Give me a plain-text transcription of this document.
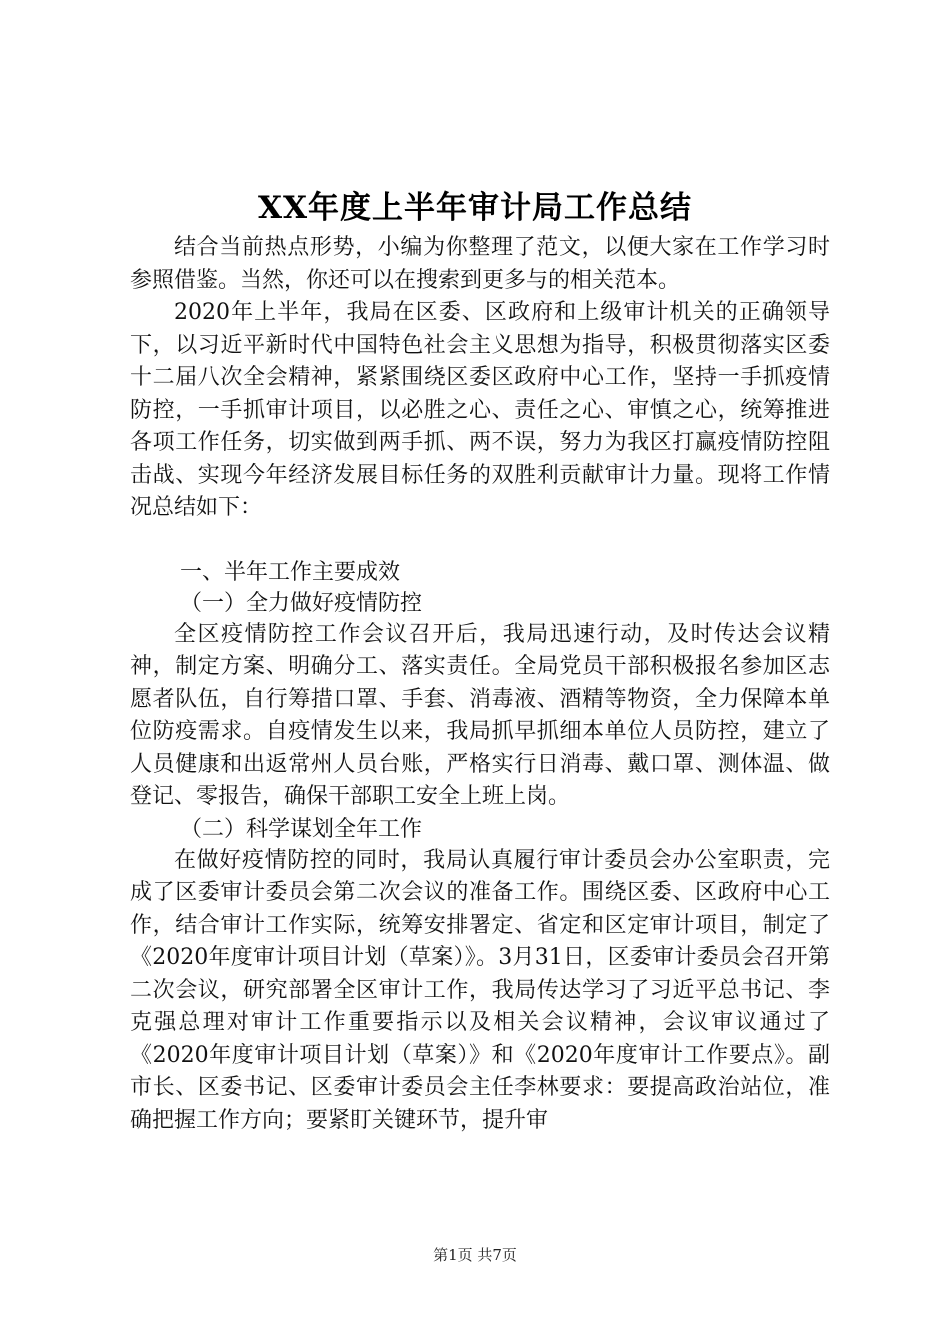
XX年度上半年审计局工作总结

结合当前热点形势，小编为你整理了范文，以便大家在工作学习时参照借鉴。当然，你还可以在搜索到更多与的相关范本。

2020年上半年，我局在区委、区政府和上级审计机关的正确领导下，以习近平新时代中国特色社会主义思想为指导，积极贯彻落实区委十二届八次全会精神，紧紧围绕区委区政府中心工作，坚持一手抓疫情防控，一手抓审计项目，以必胜之心、责任之心、审慎之心，统筹推进各项工作任务，切实做到两手抓、两不误，努力为我区打赢疫情防控阻击战、实现今年经济发展目标任务的双胜利贡献审计力量。现将工作情况总结如下：

一、半年工作主要成效

（一）全力做好疫情防控

全区疫情防控工作会议召开后，我局迅速行动，及时传达会议精神，制定方案、明确分工、落实责任。全局党员干部积极报名参加区志愿者队伍，自行筹措口罩、手套、消毒液、酒精等物资，全力保障本单位防疫需求。自疫情发生以来，我局抓早抓细本单位人员防控，建立了人员健康和出返常州人员台账，严格实行日消毒、戴口罩、测体温、做登记、零报告，确保干部职工安全上班上岗。

（二）科学谋划全年工作

在做好疫情防控的同时，我局认真履行审计委员会办公室职责，完成了区委审计委员会第二次会议的准备工作。围绕区委、区政府中心工作，结合审计工作实际，统筹安排署定、省定和区定审计项目，制定了《2020年度审计项目计划（草案）》。3月31日，区委审计委员会召开第二次会议，研究部署全区审计工作，我局传达学习了习近平总书记、李克强总理对审计工作重要指示以及相关会议精神，会议审议通过了《2020年度审计项目计划（草案）》和《2020年度审计工作要点》。副市长、区委书记、区委审计委员会主任李林要求：要提高政治站位，准确把握工作方向；要紧盯关键环节，提升审

第1页 共7页
